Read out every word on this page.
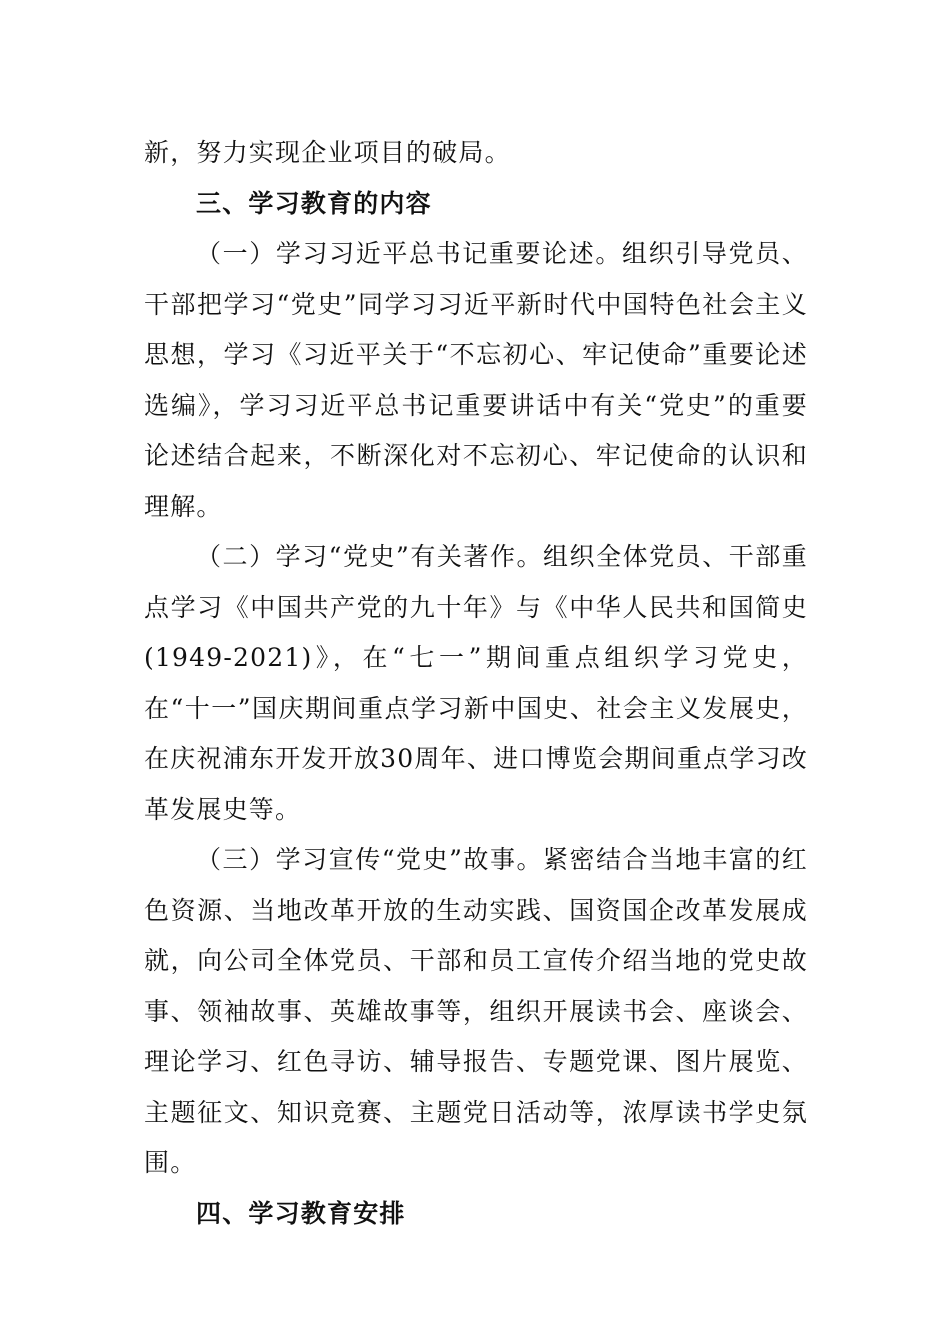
新，努力实现企业项目的破局。

三、学习教育的内容

（一）学习习近平总书记重要论述。组织引导党员、干部把学习“党史”同学习习近平新时代中国特色社会主义思想，学习《习近平关于“不忘初心、牢记使命”重要论述选编》，学习习近平总书记重要讲话中有关“党史”的重要论述结合起来，不断深化对不忘初心、牢记使命的认识和理解。

（二）学习“党史”有关著作。组织全体党员、干部重点学习《中国共产党的九十年》与《中华人民共和国简史(1949-2021)》，在“七一”期间重点组织学习党史，在“十一”国庆期间重点学习新中国史、社会主义发展史，在庆祝浦东开发开放30周年、进口博览会期间重点学习改革发展史等。

（三）学习宣传“党史”故事。紧密结合当地丰富的红色资源、当地改革开放的生动实践、国资国企改革发展成就，向公司全体党员、干部和员工宣传介绍当地的党史故事、领袖故事、英雄故事等，组织开展读书会、座谈会、理论学习、红色寻访、辅导报告、专题党课、图片展览、主题征文、知识竞赛、主题党日活动等，浓厚读书学史氛围。

四、学习教育安排
